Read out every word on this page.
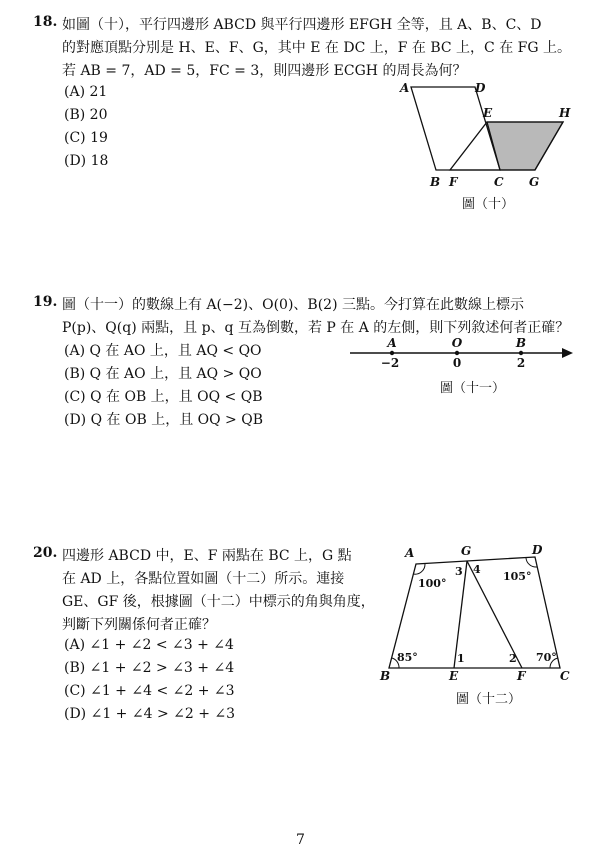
18. 如圖（十），平行四邊形 ABCD 與平行四邊形 EFGH 全等，且 A、B、C、D
的對應頂點分別是 H、E、F、G，其中 E 在 DC 上，F 在 BC 上，C 在 FG 上。
若 AB = 7，AD = 5，FC = 3，則四邊形 ECGH 的周長為何？
(A) 21
(B) 20
(C) 19
(D) 18
A	D
E	H
B F	C G
圖（十）
19. 圖（十一）的數線上有 A(−2)、O(0)、B(2) 三點。今打算在此數線上標示
P(p)、Q(q) 兩點，且 p、q 互為倒數，若 P 在 A 的左側，則下列敘述何者正確？
(A) Q 在 AO 上，且 AQ < QO
(B) Q 在 AO 上，且 AQ > QO
(C) Q 在 OB 上，且 OQ < QB
(D) Q 在 OB 上，且 OQ > QB
A	O	B
−2	0	2
圖（十一）
20. 四邊形 ABCD 中，E、F 兩點在 BC 上，G 點
在 AD 上，各點位置如圖（十二）所示。連接
GE、GF 後，根據圖（十二）中標示的角與角度，
判斷下列關係何者正確？
(A) ∠1 + ∠2 < ∠3 + ∠4
(B) ∠1 + ∠2 > ∠3 + ∠4
(C) ∠1 + ∠4 < ∠2 + ∠3
(D) ∠1 + ∠4 > ∠2 + ∠3
A	G	D
B	E	F	C
100°
105°
85°	70°
1	2
3 4
圖（十二）
7
